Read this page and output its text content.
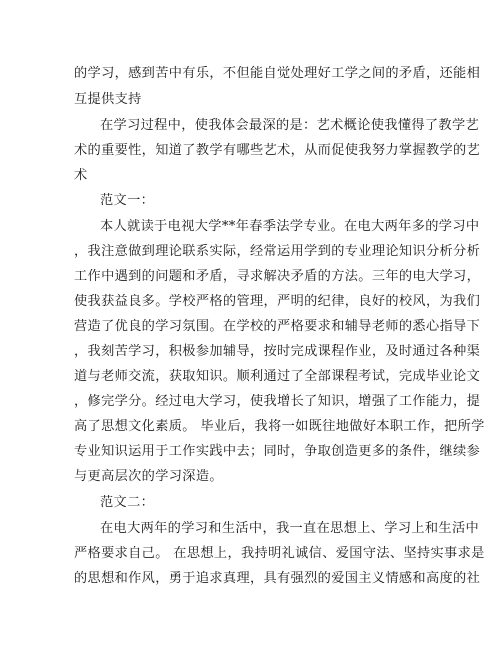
的学习，感到苦中有乐，不但能自觉处理好工学之间的矛盾，还能相
互提供支持
在学习过程中，使我体会最深的是：艺术概论使我懂得了教学艺
术的重要性，知道了教学有哪些艺术，从而促使我努力掌握教学的艺
术
范文一：
本人就读于电视大学**年春季法学专业。在电大两年多的学习中
，我注意做到理论联系实际，经常运用学到的专业理论知识分析分析
工作中遇到的问题和矛盾，寻求解决矛盾的方法。三年的电大学习，
使我获益良多。学校严格的管理，严明的纪律，良好的校风，为我们
营造了优良的学习氛围。在学校的严格要求和辅导老师的悉心指导下
，我刻苦学习，积极参加辅导，按时完成课程作业，及时通过各种渠
道与老师交流，获取知识。顺利通过了全部课程考试，完成毕业论文
，修完学分。经过电大学习，使我增长了知识，增强了工作能力，提
高了思想文化素质。 毕业后，我将一如既往地做好本职工作，把所学
专业知识运用于工作实践中去；同时，争取创造更多的条件，继续参
与更高层次的学习深造。
范文二：
在电大两年的学习和生活中，我一直在思想上、学习上和生活中
严格要求自己。 在思想上，我持明礼诚信、爱国守法、坚持实事求是
的思想和作风，勇于追求真理，具有强烈的爱国主义情感和高度的社
